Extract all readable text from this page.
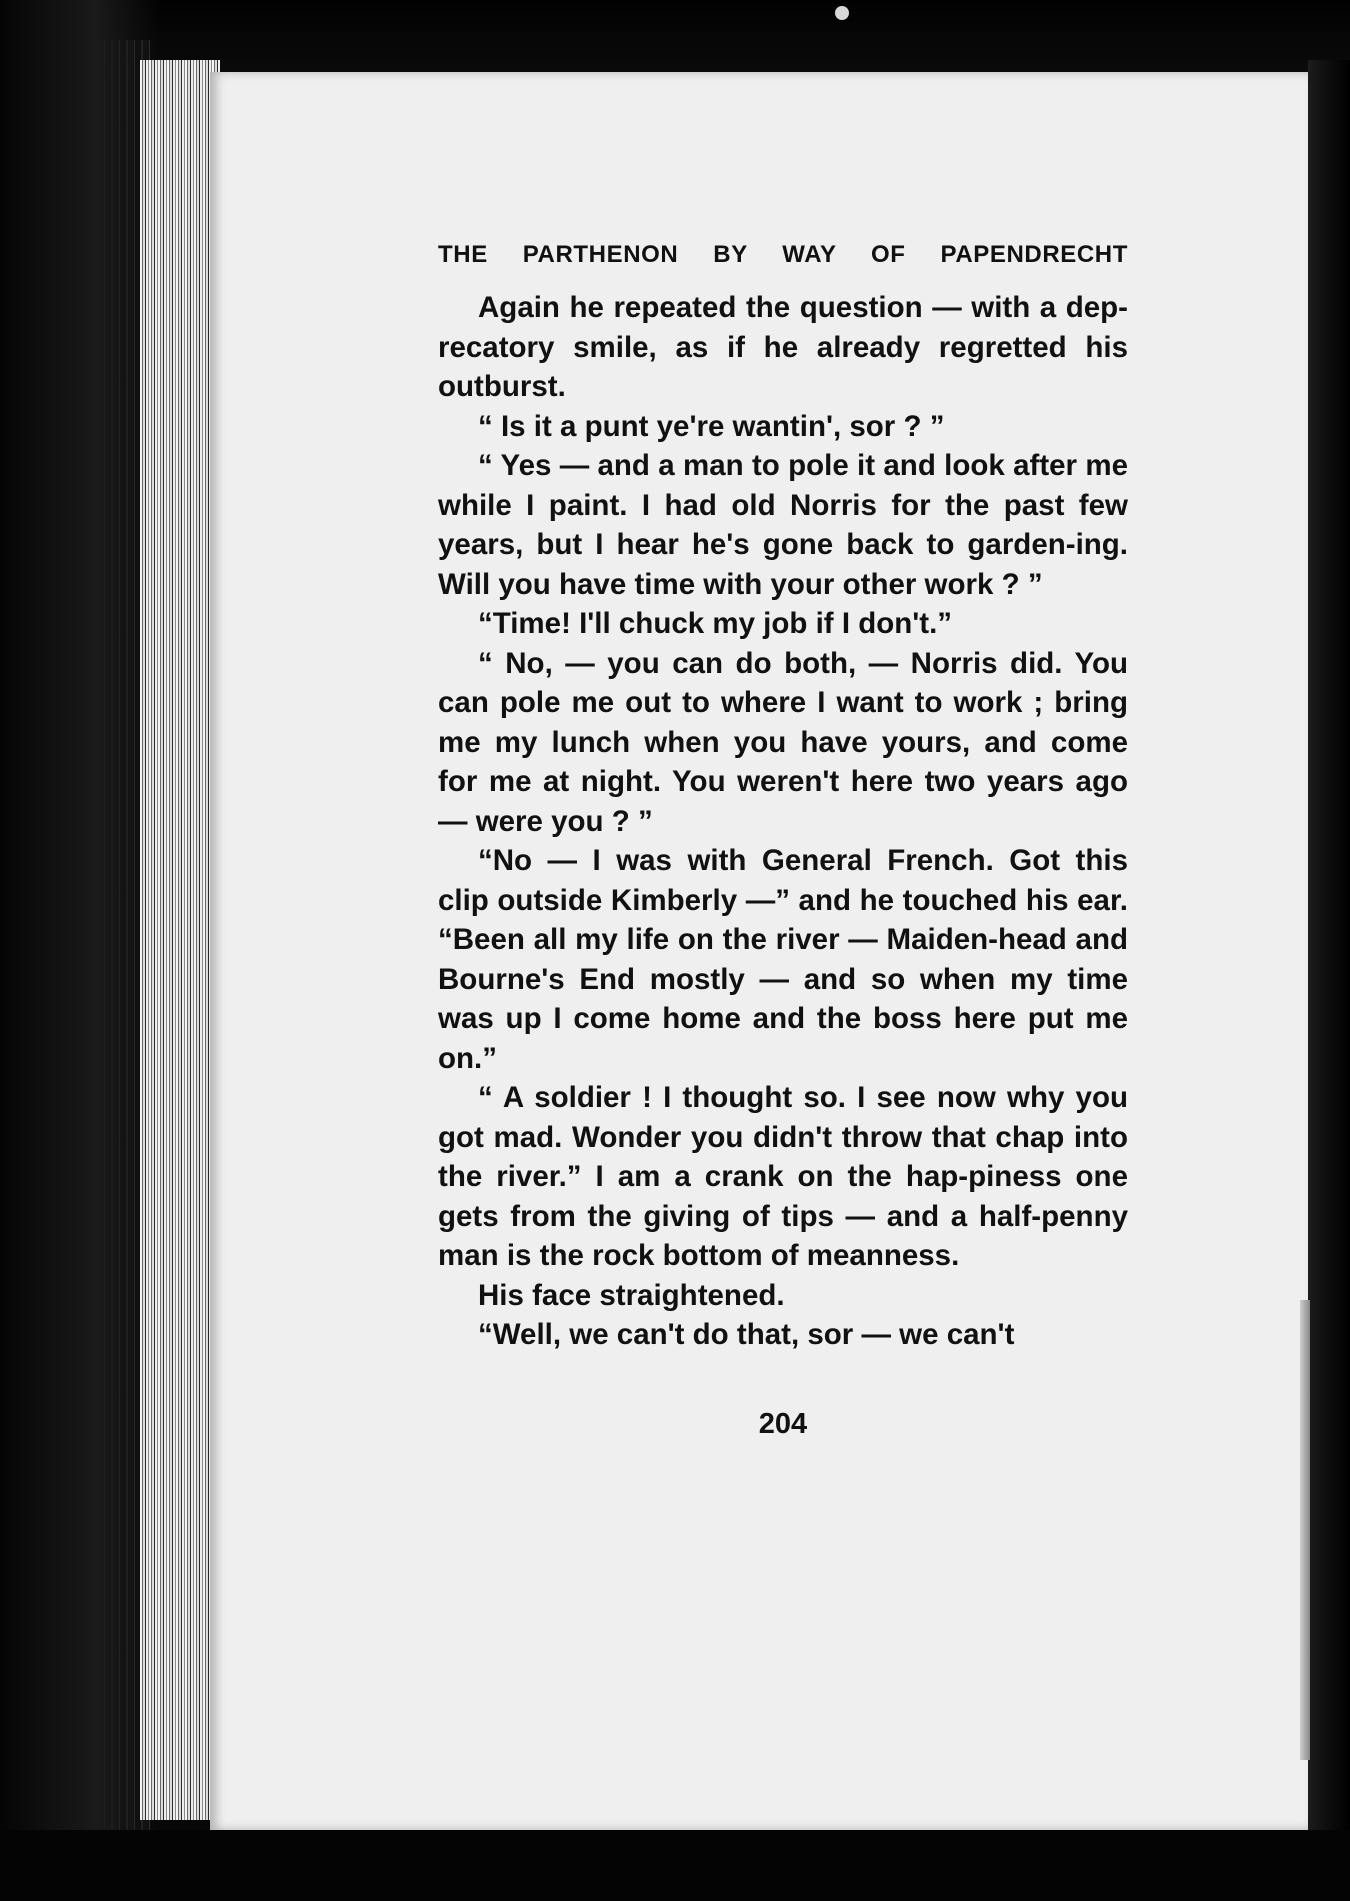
THE PARTHENON BY WAY OF PAPENDRECHT

Again he repeated the question — with a dep-recatory smile, as if he already regretted his outburst.

“ Is it a punt ye're wantin', sor ? ”

“ Yes — and a man to pole it and look after me while I paint. I had old Norris for the past few years, but I hear he's gone back to garden-ing. Will you have time with your other work ? ”

“Time! I'll chuck my job if I don't.”

“ No, — you can do both, — Norris did. You can pole me out to where I want to work ; bring me my lunch when you have yours, and come for me at night. You weren't here two years ago — were you ? ”

“No — I was with General French. Got this clip outside Kimberly —” and he touched his ear. “Been all my life on the river — Maiden-head and Bourne's End mostly — and so when my time was up I come home and the boss here put me on.”

“ A soldier ! I thought so. I see now why you got mad. Wonder you didn't throw that chap into the river.” I am a crank on the hap-piness one gets from the giving of tips — and a half-penny man is the rock bottom of meanness.

His face straightened.

“Well, we can't do that, sor — we can't

204
